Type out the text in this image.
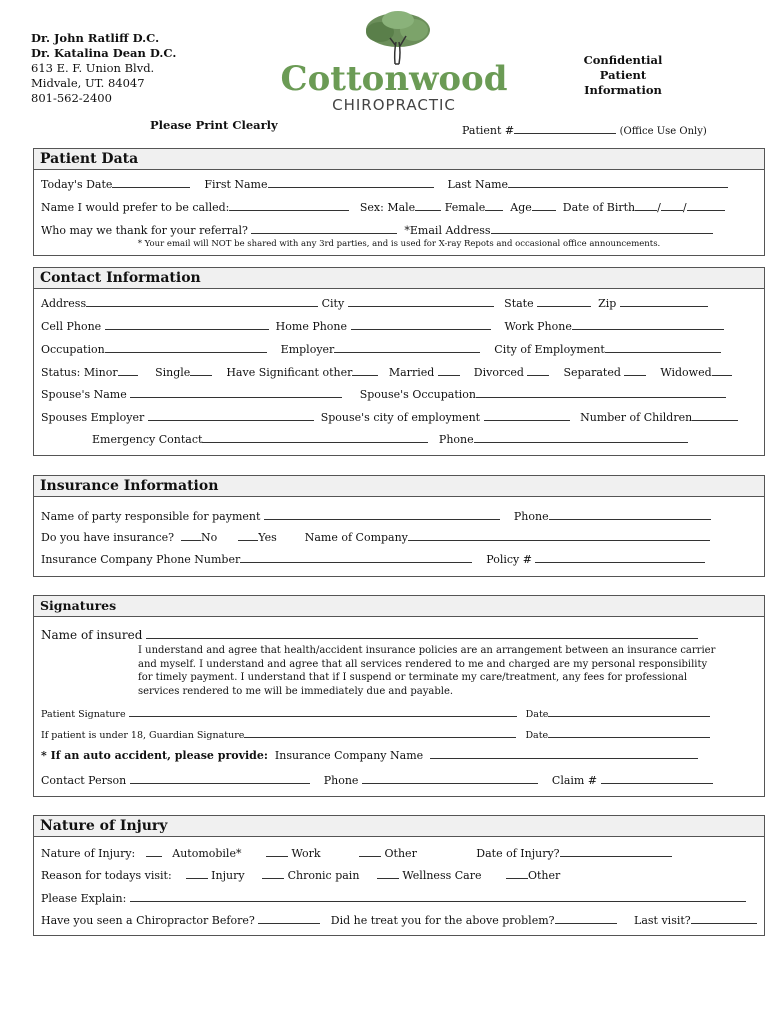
Dr. John Ratliff D.C.
Dr. Katalina Dean D.C.
613 E. F. Union Blvd.
Midvale, UT. 84047
801-562-2400	Cottonwood
CHIROPRACTIC
Confidential
Patient
Information
Please Print Clearly	Patient #	(Office Use Only)
Patient Data
Today's Date	First Name	Last Name
Name I would prefer to be called:	Sex: Male	Female Age	Date of Birth / /
Who may we thank for your referral?	*Email Address
* Your email will NOT be shared with any 3rd parties, and is used for X-ray Repots and occasional office announcements.
Contact Information
Address	City	State	Zip
Cell Phone	Home Phone	Work Phone
Occupation	Employer	City of Employment
Status: Minor	Single	Have Significant other	Married	Divorced	Separated	Widowed
Spouse's Name	Spouse's Occupation
Spouses Employer	Spouse's city of employment	Number of Children
Emergency Contact	Phone
Insurance Information
Name of party responsible for payment	Phone
Do you have insurance? No	Yes	Name of Company
Insurance Company Phone Number	Policy #
Signatures
Name of insured
I understand and agree that health/accident insurance policies are an arrangement between an insurance carrier and myself. I understand and agree that all services rendered to me and charged are my personal responsibility for timely payment. I understand that if I suspend or terminate my care/treatment, any fees for professional services rendered to me will be immediately due and payable.
Patient Signature	Date
If patient is under 18, Guardian Signature	Date
* If an auto accident, please provide: Insurance Company Name
Contact Person	Phone	Claim #
Nature of Injury
Nature of Injury:	Automobile*	Work	Other	Date of Injury?
Reason for todays visit:	Injury	Chronic pain	Wellness Care	Other
Please Explain:
Have you seen a Chiropractor Before?	Did he treat you for the above problem?	Last visit?
